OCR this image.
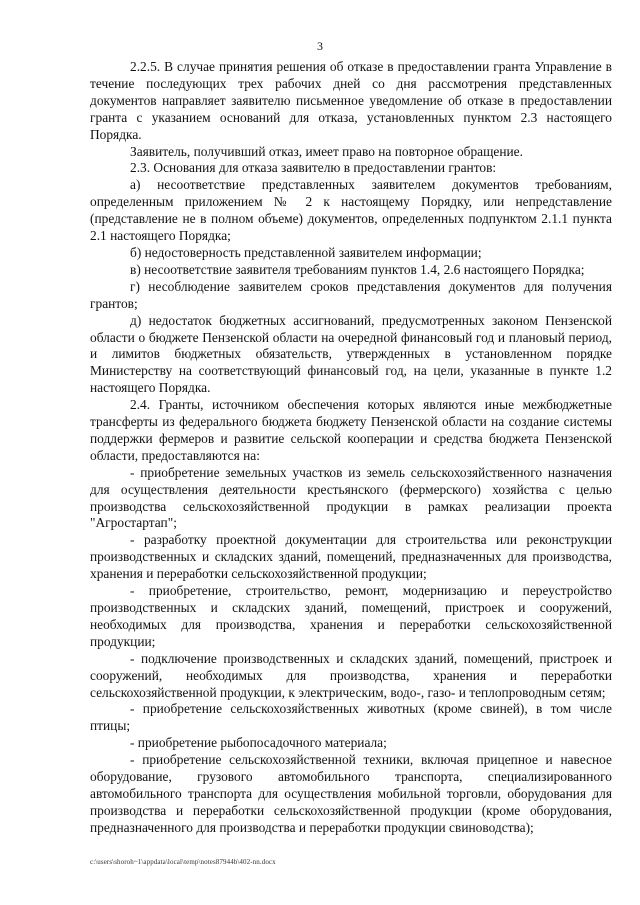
3

2.2.5. В случае принятия решения об отказе в предоставлении гранта Управление в течение последующих трех рабочих дней со дня рассмотрения представленных документов направляет заявителю письменное уведомление об отказе в предоставлении гранта с указанием оснований для отказа, установленных пунктом 2.3 настоящего Порядка.

Заявитель, получивший отказ, имеет право на повторное обращение.

2.3. Основания для отказа заявителю в предоставлении грантов:

а) несоответствие представленных заявителем документов требованиям, определенным приложением № 2 к настоящему Порядку, или непредставление (представление не в полном объеме) документов, определенных подпунктом 2.1.1 пункта 2.1 настоящего Порядка;

б) недостоверность представленной заявителем информации;

в) несоответствие заявителя требованиям пунктов 1.4, 2.6 настоящего Порядка;

г) несоблюдение заявителем сроков представления документов для получения грантов;

д) недостаток бюджетных ассигнований, предусмотренных законом Пензенской области о бюджете Пензенской области на очередной финансовый год и плановый период, и лимитов бюджетных обязательств, утвержденных в установленном порядке Министерству на соответствующий финансовый год, на цели, указанные в пункте 1.2 настоящего Порядка.

2.4. Гранты, источником обеспечения которых являются иные межбюджетные трансферты из федерального бюджета бюджету Пензенской области на создание системы поддержки фермеров и развитие сельской кооперации и средства бюджета Пензенской области, предоставляются на:

- приобретение земельных участков из земель сельскохозяйственного назначения для осуществления деятельности крестьянского (фермерского) хозяйства с целью производства сельскохозяйственной продукции в рамках реализации проекта "Агростартап";

- разработку проектной документации для строительства или реконструкции производственных и складских зданий, помещений, предназначенных для производства, хранения и переработки сельскохозяйственной продукции;

- приобретение, строительство, ремонт, модернизацию и переустройство производственных и складских зданий, помещений, пристроек и сооружений, необходимых для производства, хранения и переработки сельскохозяйственной продукции;

- подключение производственных и складских зданий, помещений, пристроек и сооружений, необходимых для производства, хранения и переработки сельскохозяйственной продукции, к электрическим, водо-, газо- и теплопроводным сетям;

- приобретение сельскохозяйственных животных (кроме свиней), в том числе птицы;

- приобретение рыбопосадочного материала;

- приобретение сельскохозяйственной техники, включая прицепное и навесное оборудование, грузового автомобильного транспорта, специализированного автомобильного транспорта для осуществления мобильной торговли, оборудования для производства и переработки сельскохозяйственной продукции (кроме оборудования, предназначенного для производства и переработки продукции свиноводства);

c:\users\shoroh~1\appdata\local\temp\notes87944b\402-nn.docx
